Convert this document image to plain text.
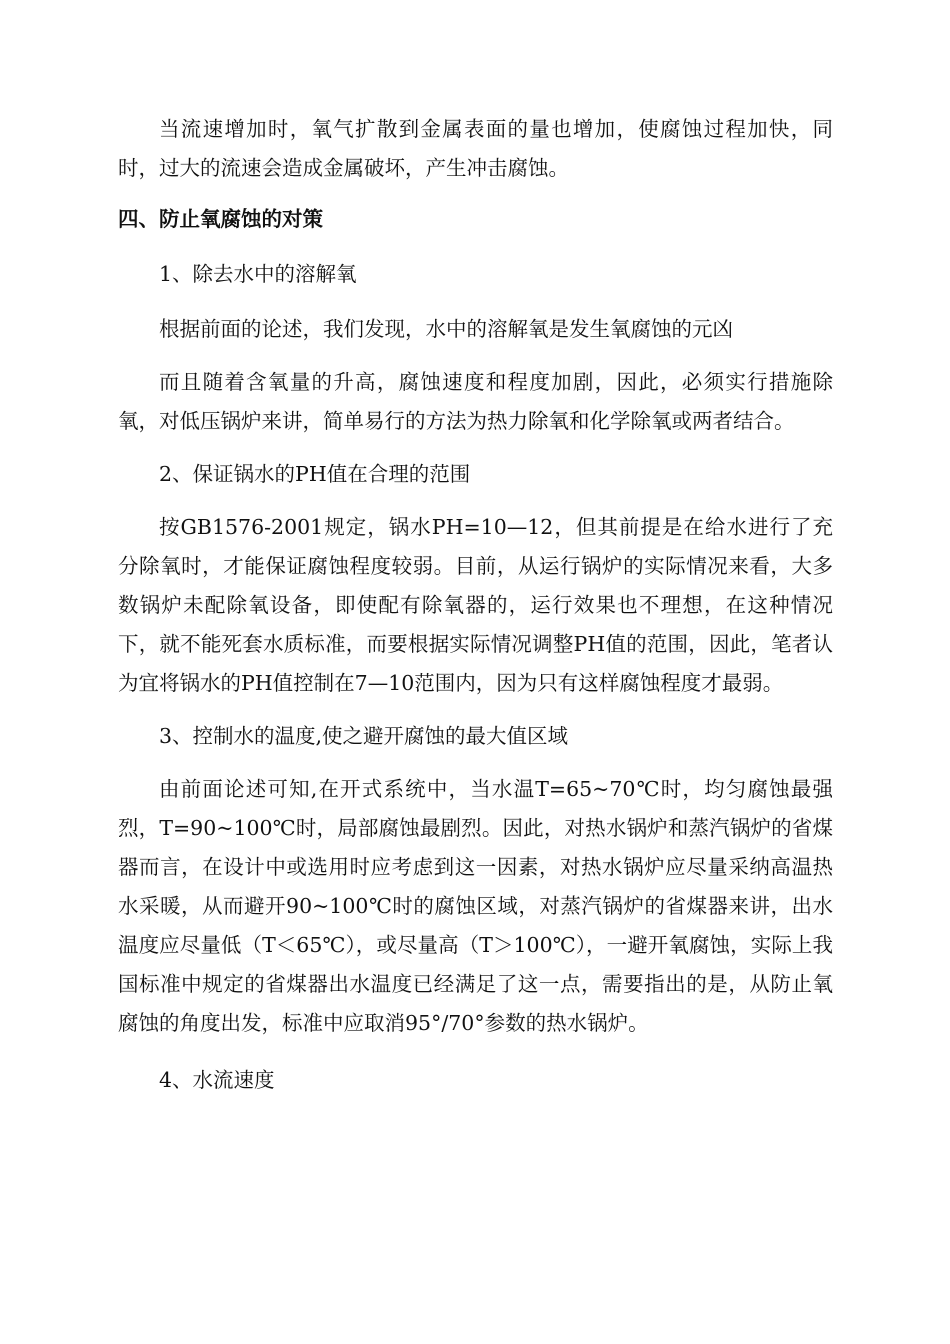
当流速增加时，氧气扩散到金属表面的量也增加，使腐蚀过程加快，同时，过大的流速会造成金属破坏，产生冲击腐蚀。

四、防止氧腐蚀的对策

1、除去水中的溶解氧

根据前面的论述，我们发现，水中的溶解氧是发生氧腐蚀的元凶

而且随着含氧量的升高，腐蚀速度和程度加剧，因此，必须实行措施除氧，对低压锅炉来讲，简单易行的方法为热力除氧和化学除氧或两者结合。

2、保证锅水的PH值在合理的范围

按GB1576-2001规定，锅水PH=10—12，但其前提是在给水进行了充分除氧时，才能保证腐蚀程度较弱。目前，从运行锅炉的实际情况来看，大多数锅炉未配除氧设备，即使配有除氧器的，运行效果也不理想，在这种情况下，就不能死套水质标准，而要根据实际情况调整PH值的范围，因此，笔者认为宜将锅水的PH值控制在7—10范围内，因为只有这样腐蚀程度才最弱。

3、控制水的温度,使之避开腐蚀的最大值区域

由前面论述可知,在开式系统中，当水温T=65~70℃时，均匀腐蚀最强烈，T=90~100℃时，局部腐蚀最剧烈。因此，对热水锅炉和蒸汽锅炉的省煤器而言，在设计中或选用时应考虑到这一因素，对热水锅炉应尽量采纳高温热水采暖，从而避开90~100℃时的腐蚀区域，对蒸汽锅炉的省煤器来讲，出水温度应尽量低（T＜65℃），或尽量高（T＞100℃），一避开氧腐蚀，实际上我国标准中规定的省煤器出水温度已经满足了这一点，需要指出的是，从防止氧腐蚀的角度出发，标准中应取消95°/70°参数的热水锅炉。

4、水流速度
